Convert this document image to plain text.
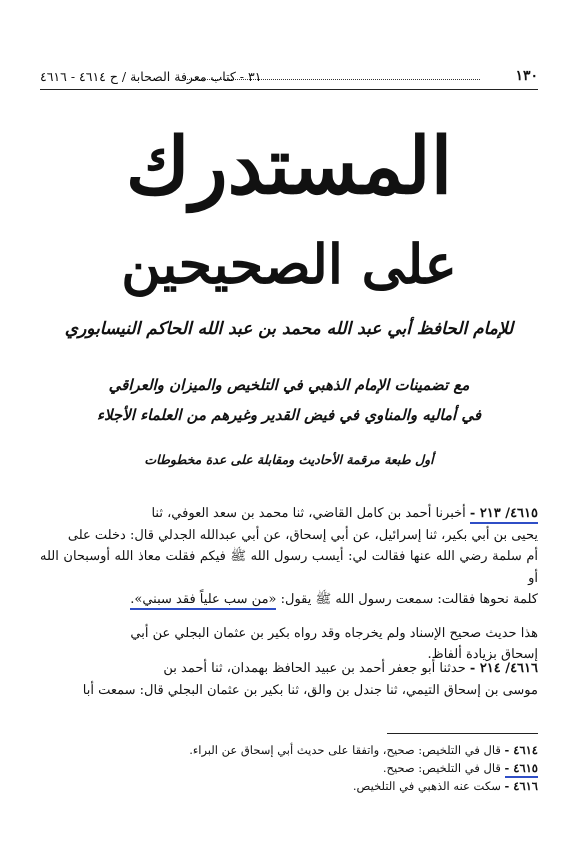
١٣٠
٣١ - كتاب معرفة الصحابة / ح ٤٦١٤ - ٤٦١٦
المستدرك
على الصحيحين
للإمام الحافظ أبي عبد الله محمد بن عبد الله الحاكم النيسابوري
مع تضمينات الإمام الذهبي في التلخيص والميزان والعراقي
في أماليه والمناوي في فيض القدير وغيرهم من العلماء الأجلاء
أول طبعة مرقمة الأحاديث ومقابلة على عدة مخطوطات
٤٦١٥/ ٢١٣ - أخبرنا أحمد بن كامل القاضي، ثنا محمد بن سعد العوفي، ثنا
يحيى بن أبي بكير، ثنا إسرائيل، عن أبي إسحاق، عن أبي عبدالله الجدلي قال: دخلت على
أم سلمة رضي الله عنها فقالت لي: أيسب رسول الله ﷺ فيكم فقلت معاذ الله أوسبحان الله أو
كلمة نحوها فقالت: سمعت رسول الله ﷺ يقول: «من سب علياً فقد سبني».
هذا حديث صحيح الإسناد ولم يخرجاه وقد رواه بكير بن عثمان البجلي عن أبي
إسحاق بزيادة ألفاظ.
٤٦١٦/ ٢١٤ - حدثنا أبو جعفر أحمد بن عبيد الحافظ بهمدان، ثنا أحمد بن
موسى بن إسحاق التيمي، ثنا جندل بن والق، ثنا بكير بن عثمان البجلي قال: سمعت أبا
٤٦١٤ - قال في التلخيص: صحيح، واتفقا على حديث أبي إسحاق عن البراء.
٤٦١٥ - قال في التلخيص: صحيح.
٤٦١٦ - سكت عنه الذهبي في التلخيص.
